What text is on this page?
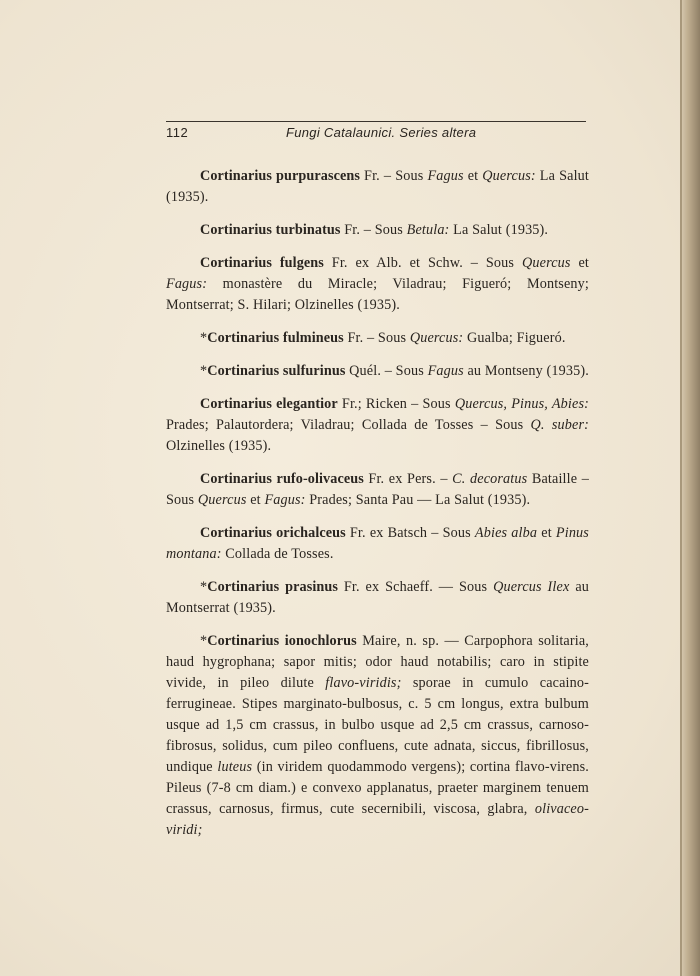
112	Fungi Catalaunici. Series altera

Cortinarius purpurascens Fr. – Sous Fagus et Quercus: La Salut (1935).

Cortinarius turbinatus Fr. – Sous Betula: La Salut (1935).

Cortinarius fulgens Fr. ex Alb. et Schw. – Sous Quercus et Fagus: monastère du Miracle; Viladrau; Figueró; Montseny; Montserrat; S. Hilari; Olzinelles (1935).

*Cortinarius fulmineus Fr. – Sous Quercus: Gualba; Figueró.

*Cortinarius sulfurinus Quél. – Sous Fagus au Montseny (1935).

Cortinarius elegantior Fr.; Ricken – Sous Quercus, Pinus, Abies: Prades; Palautordera; Viladrau; Collada de Tosses – Sous Q. suber: Olzinelles (1935).

Cortinarius rufo-olivaceus Fr. ex Pers. – C. decoratus Bataille – Sous Quercus et Fagus: Prades; Santa Pau — La Salut (1935).

Cortinarius orichalceus Fr. ex Batsch – Sous Abies alba et Pinus montana: Collada de Tosses.

*Cortinarius prasinus Fr. ex Schaeff. — Sous Quercus Ilex au Montserrat (1935).

*Cortinarius ionochlorus Maire, n. sp. — Carpophora solitaria, haud hygrophana; sapor mitis; odor haud notabilis; caro in stipite vivide, in pileo dilute flavo-viridis; sporae in cumulo cacaino-ferrugineae. Stipes marginato-bulbosus, c. 5 cm longus, extra bulbum usque ad 1,5 cm crassus, in bulbo usque ad 2,5 cm crassus, carnoso-fibrosus, solidus, cum pileo confluens, cute adnata, siccus, fibrillosus, undique luteus (in viridem quodammodo vergens); cortina flavo-virens. Pileus (7-8 cm diam.) e convexo applanatus, praeter marginem tenuem crassus, carnosus, firmus, cute secernibili, viscosa, glabra, olivaceo-viridi;
